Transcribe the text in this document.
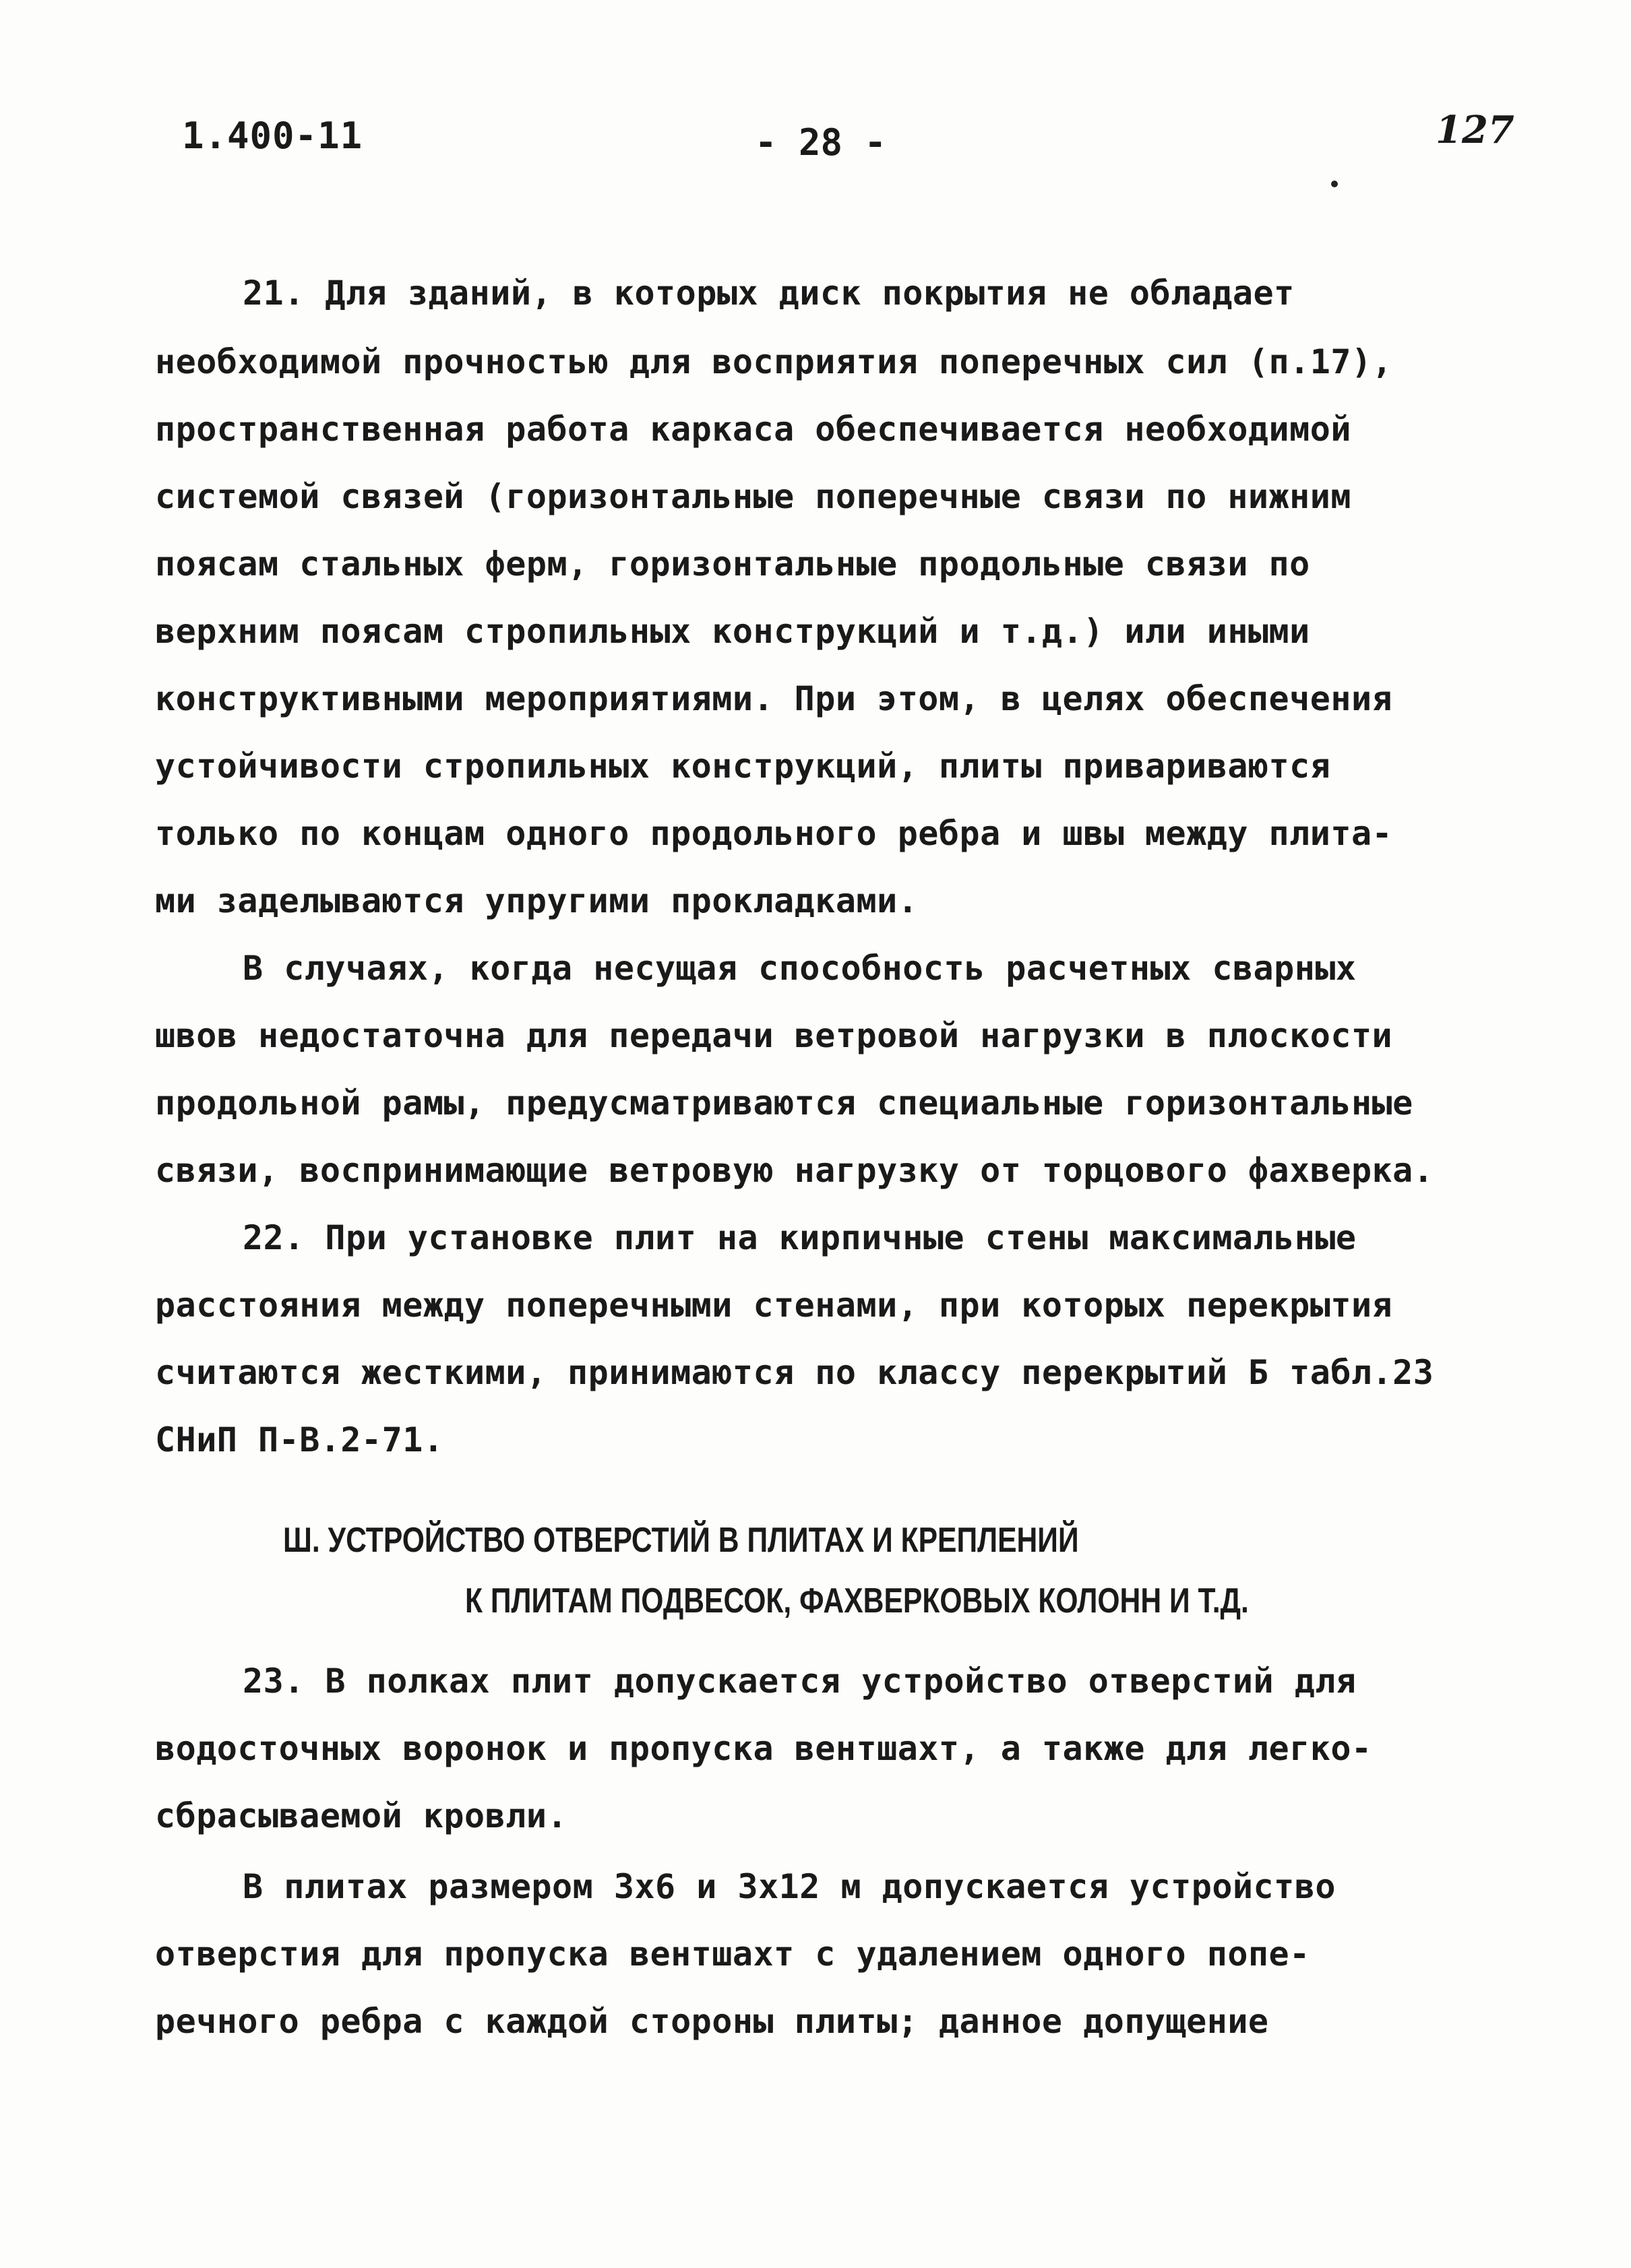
1.400-11	- 28 -	127
21. Для зданий, в которых диск покрытия не обладает
необходимой прочностью для восприятия поперечных сил (п.17),
пространственная работа каркаса обеспечивается необходимой
системой связей (горизонтальные поперечные связи по нижним
поясам стальных ферм, горизонтальные продольные связи по
верхним поясам стропильных конструкций и т.д.) или иными
конструктивными мероприятиями. При этом, в целях обеспечения
устойчивости стропильных конструкций, плиты привариваются
только по концам одного продольного ребра и швы между плита-
ми заделываются упругими прокладками.
В случаях, когда несущая способность расчетных сварных
швов недостаточна для передачи ветровой нагрузки в плоскости
продольной рамы, предусматриваются специальные горизонтальные
связи, воспринимающие ветровую нагрузку от торцового фахверка.
22. При установке плит на кирпичные стены максимальные
расстояния между поперечными стенами, при которых перекрытия
считаются жесткими, принимаются по классу перекрытий Б табл.23
СНиП П-В.2-71.
Ш. УСТРОЙСТВО ОТВЕРСТИЙ В ПЛИТАХ И КРЕПЛЕНИЙ
К ПЛИТАМ ПОДВЕСОК, ФАХВЕРКОВЫХ КОЛОНН И Т.Д.
23. В полках плит допускается устройство отверстий для
водосточных воронок и пропуска вентшахт, а также для легко-
сбрасываемой кровли.
В плитах размером 3х6 и 3х12 м допускается устройство
отверстия для пропуска вентшахт с удалением одного попе-
речного ребра с каждой стороны плиты; данное допущение
